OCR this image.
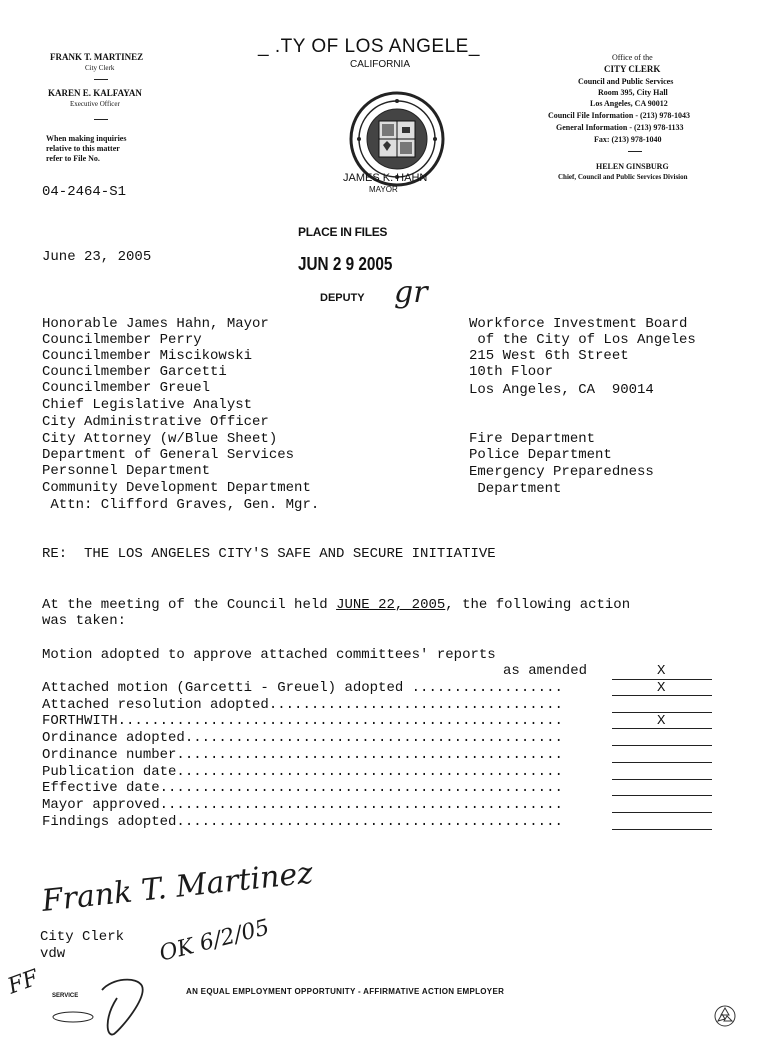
_ .TY OF LOS ANGELE_
CALIFORNIA

JAMES K. HAHN
MAYOR
FRANK T. MARTINEZ
City Clerk
KAREN E. KALFAYAN
Executive Officer
When making inquiries
relative to this matter
refer to File No.
Office of the
CITY CLERK
Council and Public Services
Room 395, City Hall
Los Angeles, CA 90012
Council File Information - (213) 978-1043
General Information - (213) 978-1133
Fax: (213) 978-1040
HELEN GINSBURG
Chief, Council and Public Services Division
04-2464-S1
PLACE IN FILES
JUN 2 9 2005
DEPUTY gr
June 23, 2005
Honorable James Hahn, Mayor
Councilmember Perry
Councilmember Miscikowski
Councilmember Garcetti
Councilmember Greuel
Chief Legislative Analyst
City Administrative Officer
City Attorney (w/Blue Sheet)
Department of General Services
Personnel Department
Community Development Department
Attn: Clifford Graves, Gen. Mgr.
Workforce Investment Board
of the City of Los Angeles
215 West 6th Street
10th Floor
Los Angeles, CA  90014
Fire Department
Police Department
Emergency Preparedness
Department
RE:  THE LOS ANGELES CITY'S SAFE AND SECURE INITIATIVE
At the meeting of the Council held JUNE 22, 2005, the following action
was taken:
Motion adopted to approve attached committees' reports
as amended	X
Attached motion (Garcetti - Greuel) adopted ..................	X
Attached resolution adopted...................................
FORTHWITH.....................................................	X
Ordinance adopted.............................................
Ordinance number..............................................
Publication date..............................................
Effective date................................................
Mayor approved................................................
Findings adopted..............................................
Frank T. Martinez
City Clerk
vdw	OK 6/2/05
FF

SERVICE	AN EQUAL EMPLOYMENT OPPORTUNITY - AFFIRMATIVE ACTION EMPLOYER
